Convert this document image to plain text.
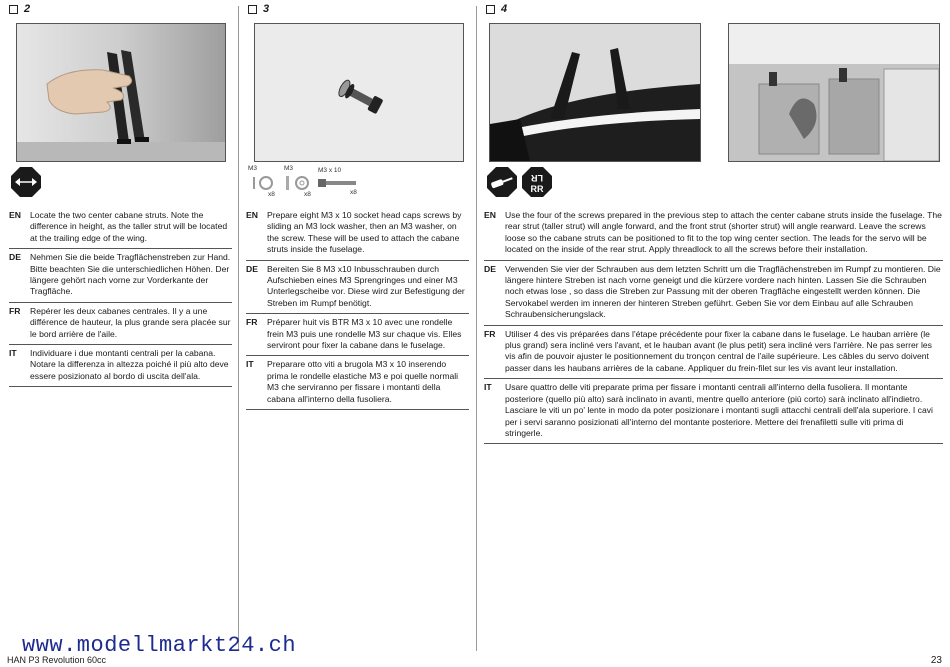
2	3	4
M3	M3	M3 x 10
x8	x8	x8
LR
RR
EN	Locate the two center cabane struts. Note the difference in height, as the taller strut will be located at the trailing edge of the wing.
DE	Nehmen Sie die beide Tragflächenstreben zur Hand. Bitte beachten Sie die unterschiedlichen Höhen. Der längere gehört nach vorne zur Vorderkante der Tragfläche.
FR	Repérer les deux cabanes centrales. Il y a une différence de hauteur, la plus grande sera placée sur le bord arrière de l'aile.
IT	Individuare i due montanti centrali per la cabana. Notare la differenza in altezza poiché il più alto deve essere posizionato al bordo di uscita dell'ala.
EN	Prepare eight M3 x 10 socket head caps screws by sliding an M3 lock washer, then an M3 washer, on the screw. These will be used to attach the cabane struts inside the fuselage.
DE	Bereiten Sie 8 M3 x10 Inbusschrauben durch Aufschieben eines M3 Sprengringes und einer M3 Unterlegscheibe vor. Diese wird zur Befestigung der Streben im Rumpf benötigt.
FR	Préparer huit vis BTR M3 x 10 avec une rondelle frein M3 puis une rondelle M3 sur chaque vis. Elles serviront pour fixer la cabane dans le fuselage.
IT	Preparare otto viti a brugola M3 x 10 inserendo prima le rondelle elastiche M3 e poi quelle normali M3 che serviranno per fissare i montanti della cabana all'interno della fusoliera.
EN	Use the four of the screws prepared in the previous step to attach the center cabane struts inside the fuselage. The rear strut (taller strut) will angle forward, and the front strut (shorter strut) will angle rearward. Leave the screws loose so the cabane struts can be positioned to fit to the top wing center section. The leads for the servo will be located on the inside of the rear strut. Apply threadlock to all the screws before their installation.
DE	Verwenden Sie vier der Schrauben aus dem letzten Schritt um die Tragflächenstreben im Rumpf zu montieren. Die längere hintere Streben ist nach vorne geneigt und die kürzere vordere nach hinten. Lassen Sie die Schrauben noch etwas lose , so dass die Streben zur Passung mit der oberen Tragfläche eingestellt werden können. Die Servokabel werden im inneren der hinteren Streben geführt. Geben Sie vor dem Einbau auf alle Schrauben Schraubensicherungslack.
FR	Utiliser 4 des vis préparées dans l'étape précédente pour fixer la cabane dans le fuselage. Le hauban arrière (le plus grand) sera incliné vers l'avant, et le hauban avant (le plus petit) sera incliné vers l'arrière. Ne pas serrer les vis afin de pouvoir ajuster le positionnement du tronçon central de l'aile supérieure. Les câbles du servo doivent passer dans les haubans arrières de la cabane. Appliquer du frein-filet sur les vis avant leur installation.
IT	Usare quattro delle viti preparate prima per fissare i montanti centrali all'interno della fusoliera. Il montante posteriore (quello più alto) sarà inclinato in avanti, mentre quello anteriore (più corto) sarà inclinato all'indietro. Lasciare le viti un po' lente in modo da poter posizionare i montanti sugli attacchi centrali dell'ala superiore. I cavi per i servi saranno posizionati all'interno del montante posteriore. Mettere dei frenafiletti sulle viti prima di stringerle.
www.modellmarkt24.ch
HAN P3 Revolution 60cc	23
